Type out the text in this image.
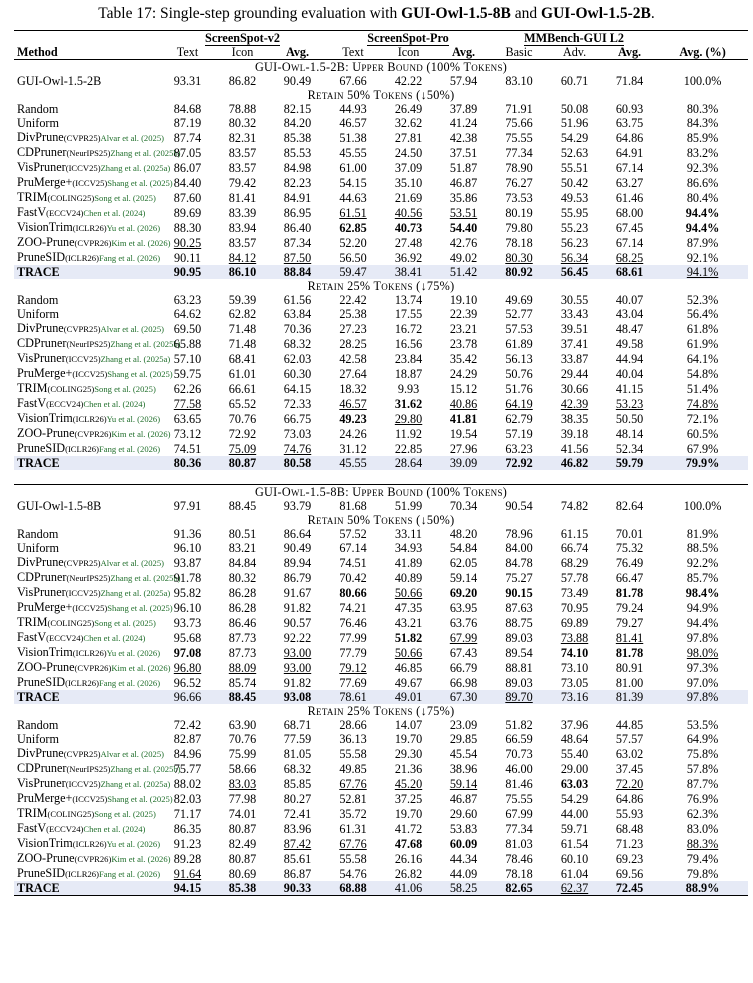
Table 17: Single-step grounding evaluation with GUI-Owl-1.5-8B and GUI-Owl-1.5-2B.
	ScreenSpot-v2			ScreenSpot-Pro			MMBench-GUI L2			
Method	Text	Icon	Avg.	Text	Icon	Avg.	Basic	Adv.	Avg.	Avg. (%)
GUI-Owl-1.5-2B: Upper Bound (100% Tokens)										
GUI-Owl-1.5-2B	93.31	86.82	90.49	67.66	42.22	57.94	83.10	60.71	71.84	100.0%
Retain 50% Tokens (↓50%)										
Random	84.68	78.88	82.15	44.93	26.49	37.89	71.91	50.08	60.93	80.3%
Uniform	87.19	80.32	84.20	46.57	32.62	41.24	75.66	51.96	63.75	84.3%
DivPrune(CVPR25)Alvar et al. (2025)	87.74	82.31	85.38	51.38	27.81	42.38	75.55	54.29	64.86	85.9%
CDPruner(NeurIPS25)Zhang et al. (2025b)	87.05	83.57	85.53	45.55	24.50	37.51	77.34	52.63	64.91	83.2%
VisPruner(ICCV25)Zhang et al. (2025a)	86.07	83.57	84.98	61.00	37.09	51.87	78.90	55.51	67.14	92.3%
PruMerge+(ICCV25)Shang et al. (2025)	84.40	79.42	82.23	54.15	35.10	46.87	76.27	50.42	63.27	86.6%
TRIM(COLING25)Song et al. (2025)	87.60	81.41	84.91	44.63	21.69	35.86	73.53	49.53	61.46	80.4%
FastV(ECCV24)Chen et al. (2024)	89.69	83.39	86.95	61.51	40.56	53.51	80.19	55.95	68.00	94.4%
VisionTrim(ICLR26)Yu et al. (2026)	88.30	83.94	86.40	62.85	40.73	54.40	79.80	55.23	67.45	94.4%
ZOO-Prune(CVPR26)Kim et al. (2026)	90.25	83.57	87.34	52.20	27.48	42.76	78.18	56.23	67.14	87.9%
PruneSID(ICLR26)Fang et al. (2026)	90.11	84.12	87.50	56.50	36.92	49.02	80.30	56.34	68.25	92.1%
TRACE	90.95	86.10	88.84	59.47	38.41	51.42	80.92	56.45	68.61	94.1%
Retain 25% Tokens (↓75%)										
Random	63.23	59.39	61.56	22.42	13.74	19.10	49.69	30.55	40.07	52.3%
Uniform	64.62	62.82	63.84	25.38	17.55	22.39	52.77	33.43	43.04	56.4%
DivPrune(CVPR25)Alvar et al. (2025)	69.50	71.48	70.36	27.23	16.72	23.21	57.53	39.51	48.47	61.8%
CDPruner(NeurIPS25)Zhang et al. (2025b)	65.88	71.48	68.32	28.25	16.56	23.78	61.89	37.41	49.58	61.9%
VisPruner(ICCV25)Zhang et al. (2025a)	57.10	68.41	62.03	42.58	23.84	35.42	56.13	33.87	44.94	64.1%
PruMerge+(ICCV25)Shang et al. (2025)	59.75	61.01	60.30	27.64	18.87	24.29	50.76	29.44	40.04	54.8%
TRIM(COLING25)Song et al. (2025)	62.26	66.61	64.15	18.32	9.93	15.12	51.76	30.66	41.15	51.4%
FastV(ECCV24)Chen et al. (2024)	77.58	65.52	72.33	46.57	31.62	40.86	64.19	42.39	53.23	74.8%
VisionTrim(ICLR26)Yu et al. (2026)	63.65	70.76	66.75	49.23	29.80	41.81	62.79	38.35	50.50	72.1%
ZOO-Prune(CVPR26)Kim et al. (2026)	73.12	72.92	73.03	24.26	11.92	19.54	57.19	39.18	48.14	60.5%
PruneSID(ICLR26)Fang et al. (2026)	74.51	75.09	74.76	31.12	22.85	27.96	63.23	41.56	52.34	67.9%
TRACE	80.36	80.87	80.58	45.55	28.64	39.09	72.92	46.82	59.79	79.9%

GUI-Owl-1.5-8B: Upper Bound (100% Tokens)										
GUI-Owl-1.5-8B	97.91	88.45	93.79	81.68	51.99	70.34	90.54	74.82	82.64	100.0%
Retain 50% Tokens (↓50%)										
Random	91.36	80.51	86.64	57.52	33.11	48.20	78.96	61.15	70.01	81.9%
Uniform	96.10	83.21	90.49	67.14	34.93	54.84	84.00	66.74	75.32	88.5%
DivPrune(CVPR25)Alvar et al. (2025)	93.87	84.84	89.94	74.51	41.89	62.05	84.78	68.29	76.49	92.2%
CDPruner(NeurIPS25)Zhang et al. (2025b)	91.78	80.32	86.79	70.42	40.89	59.14	75.27	57.78	66.47	85.7%
VisPruner(ICCV25)Zhang et al. (2025a)	95.82	86.28	91.67	80.66	50.66	69.20	90.15	73.49	81.78	98.4%
PruMerge+(ICCV25)Shang et al. (2025)	96.10	86.28	91.82	74.21	47.35	63.95	87.63	70.95	79.24	94.9%
TRIM(COLING25)Song et al. (2025)	93.73	86.46	90.57	76.46	43.21	63.76	88.75	69.89	79.27	94.4%
FastV(ECCV24)Chen et al. (2024)	95.68	87.73	92.22	77.99	51.82	67.99	89.03	73.88	81.41	97.8%
VisionTrim(ICLR26)Yu et al. (2026)	97.08	87.73	93.00	77.79	50.66	67.43	89.54	74.10	81.78	98.0%
ZOO-Prune(CVPR26)Kim et al. (2026)	96.80	88.09	93.00	79.12	46.85	66.79	88.81	73.10	80.91	97.3%
PruneSID(ICLR26)Fang et al. (2026)	96.52	85.74	91.82	77.69	49.67	66.98	89.03	73.05	81.00	97.0%
TRACE	96.66	88.45	93.08	78.61	49.01	67.30	89.70	73.16	81.39	97.8%
Retain 25% Tokens (↓75%)										
Random	72.42	63.90	68.71	28.66	14.07	23.09	51.82	37.96	44.85	53.5%
Uniform	82.87	70.76	77.59	36.13	19.70	29.85	66.59	48.64	57.57	64.9%
DivPrune(CVPR25)Alvar et al. (2025)	84.96	75.99	81.05	55.58	29.30	45.54	70.73	55.40	63.02	75.8%
CDPruner(NeurIPS25)Zhang et al. (2025b)	75.77	58.66	68.32	49.85	21.36	38.96	46.00	29.00	37.45	57.8%
VisPruner(ICCV25)Zhang et al. (2025a)	88.02	83.03	85.85	67.76	45.20	59.14	81.46	63.03	72.20	87.7%
PruMerge+(ICCV25)Shang et al. (2025)	82.03	77.98	80.27	52.81	37.25	46.87	75.55	54.29	64.86	76.9%
TRIM(COLING25)Song et al. (2025)	71.17	74.01	72.41	35.72	19.70	29.60	67.99	44.00	55.93	62.3%
FastV(ECCV24)Chen et al. (2024)	86.35	80.87	83.96	61.31	41.72	53.83	77.34	59.71	68.48	83.0%
VisionTrim(ICLR26)Yu et al. (2026)	91.23	82.49	87.42	67.76	47.68	60.09	81.03	61.54	71.23	88.3%
ZOO-Prune(CVPR26)Kim et al. (2026)	89.28	80.87	85.61	55.58	26.16	44.34	78.46	60.10	69.23	79.4%
PruneSID(ICLR26)Fang et al. (2026)	91.64	80.69	86.87	54.76	26.82	44.09	78.18	61.04	69.56	79.8%
TRACE	94.15	85.38	90.33	68.88	41.06	58.25	82.65	62.37	72.45	88.9%
